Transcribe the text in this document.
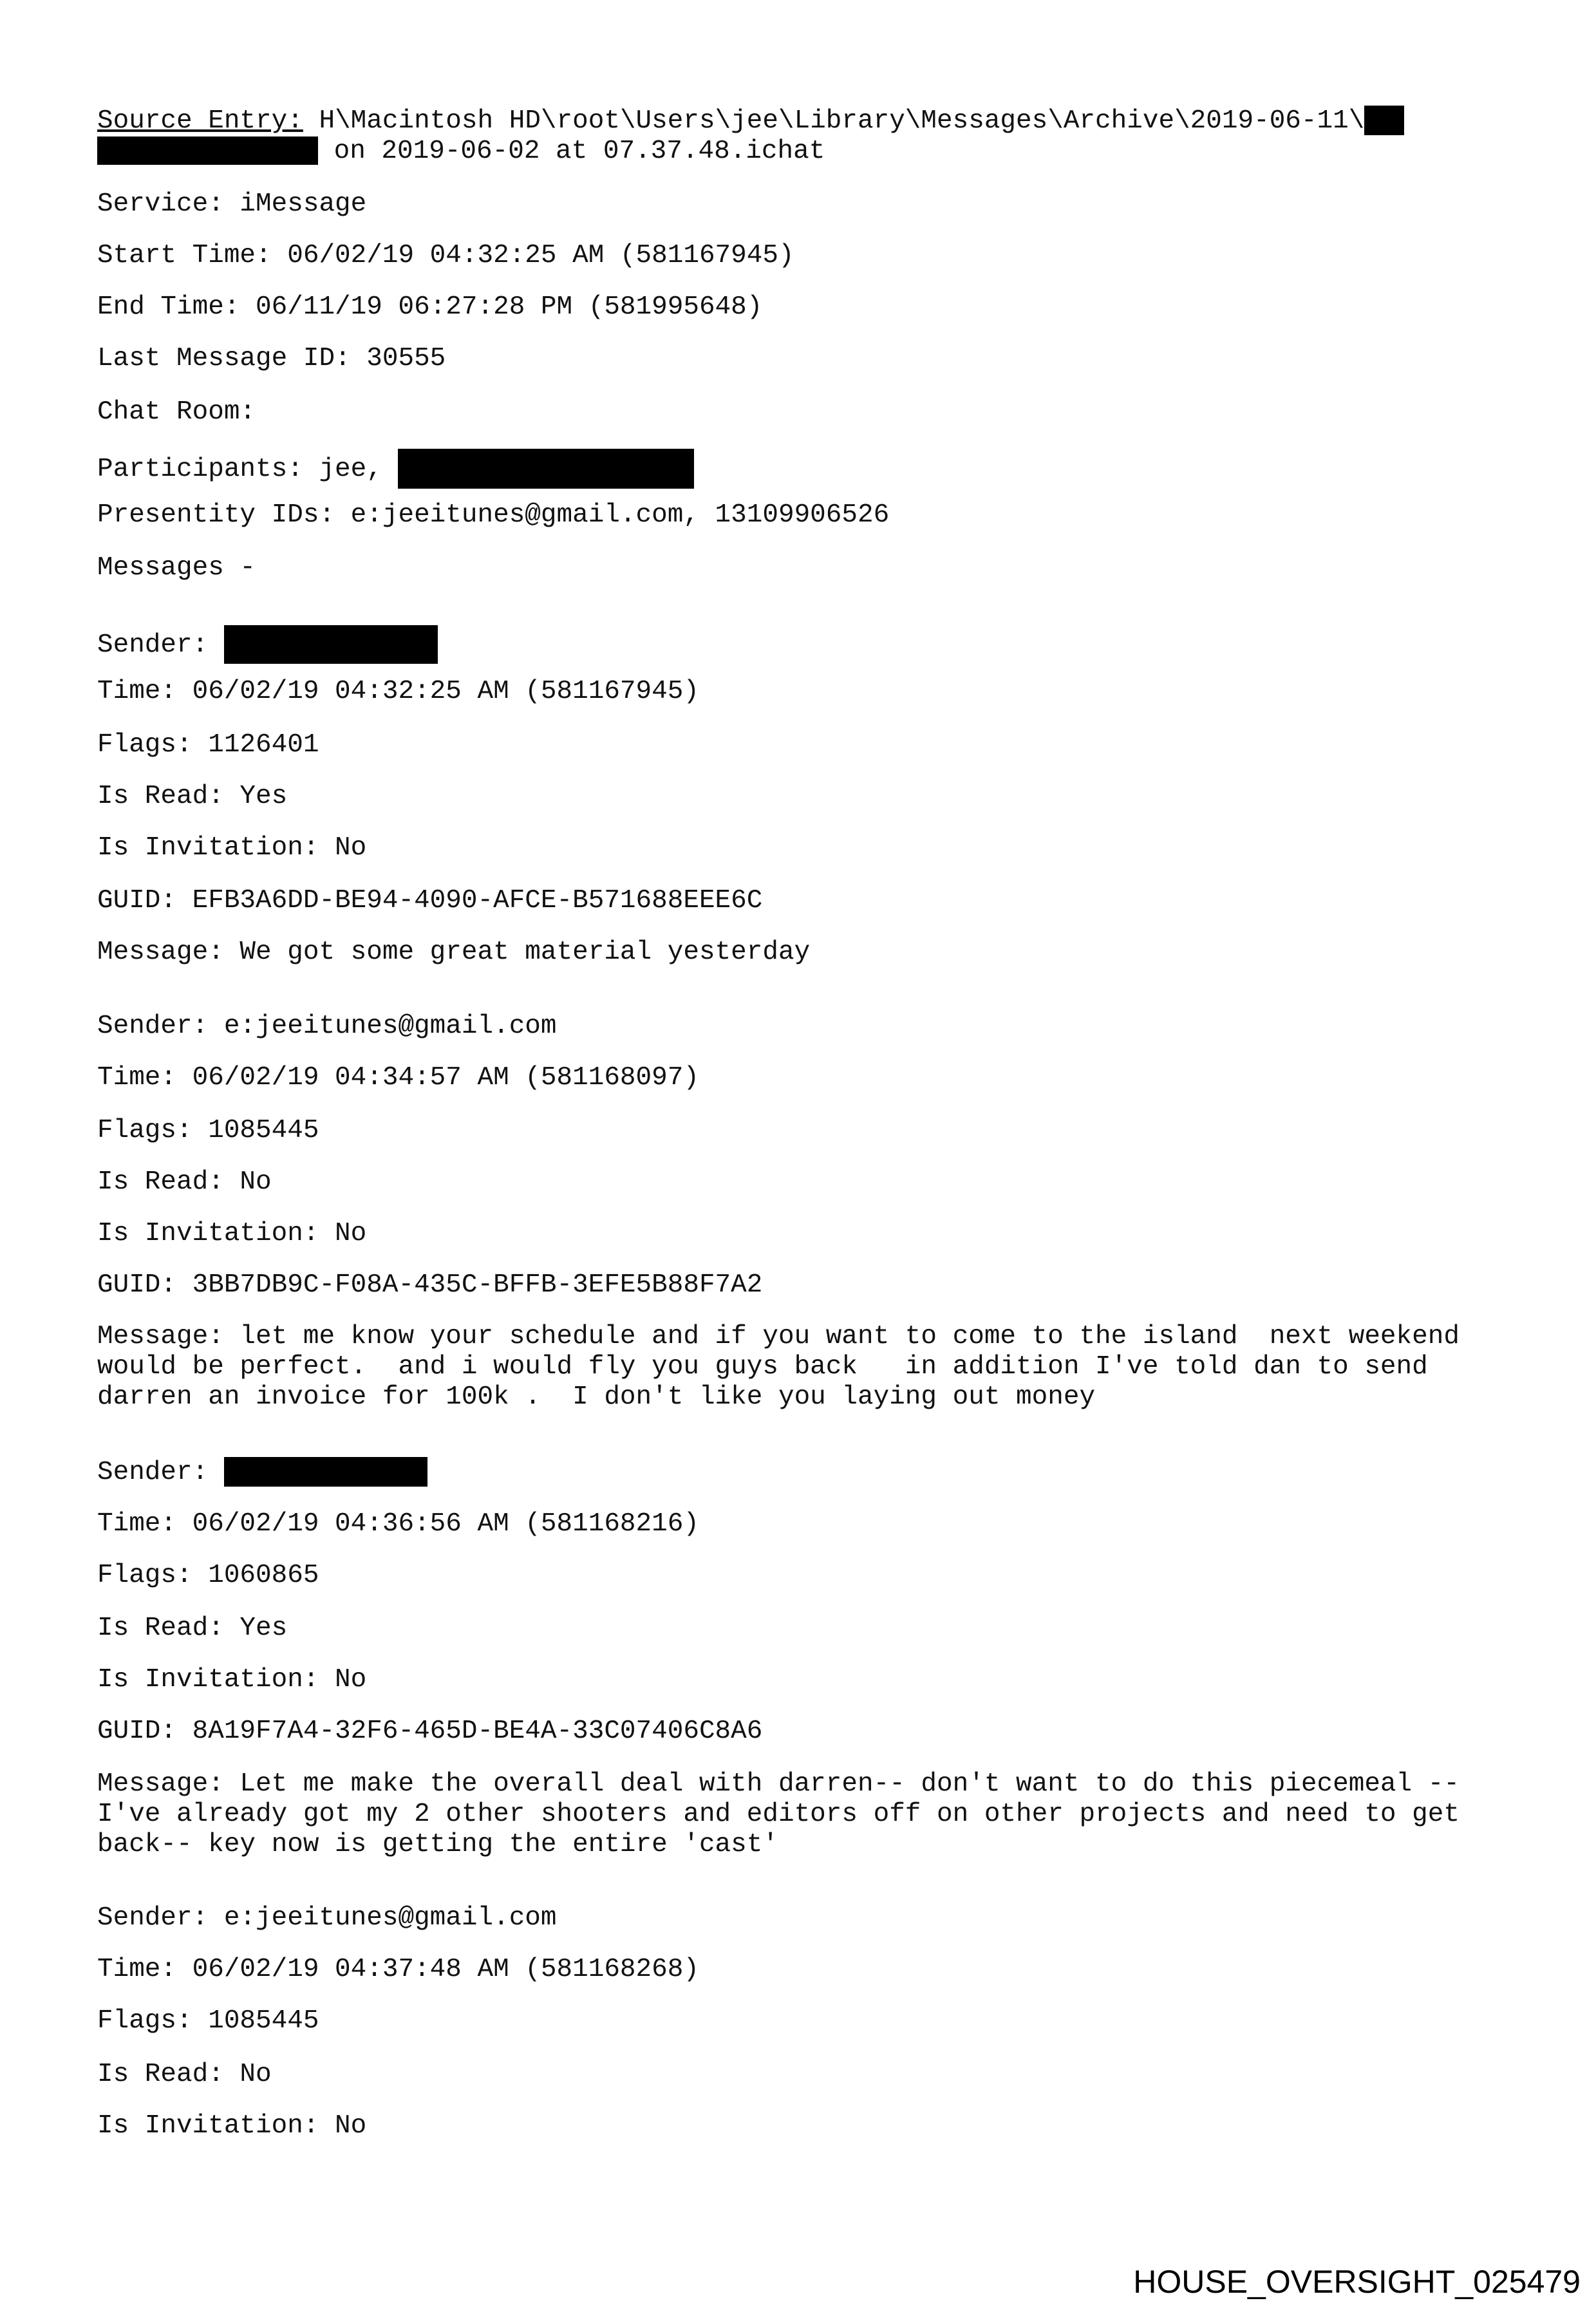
Source Entry: H\Macintosh HD\root\Users\jee\Library\Messages\Archive\2019-06-11\
on 2019-06-02 at 07.37.48.ichat
Service: iMessage
Start Time: 06/02/19 04:32:25 AM (581167945)
End Time: 06/11/19 06:27:28 PM (581995648)
Last Message ID: 30555
Chat Room:
Participants: jee,
Presentity IDs: e:jeeitunes@gmail.com, 13109906526
Messages -
Sender:
Time: 06/02/19 04:32:25 AM (581167945)
Flags: 1126401
Is Read: Yes
Is Invitation: No
GUID: EFB3A6DD-BE94-4090-AFCE-B571688EEE6C
Message: We got some great material yesterday
Sender: e:jeeitunes@gmail.com
Time: 06/02/19 04:34:57 AM (581168097)
Flags: 1085445
Is Read: No
Is Invitation: No
GUID: 3BB7DB9C-F08A-435C-BFFB-3EFE5B88F7A2
Message: let me know your schedule and if you want to come to the island  next weekend
would be perfect.  and i would fly you guys back   in addition I've told dan to send
darren an invoice for 100k .  I don't like you laying out money
Sender:
Time: 06/02/19 04:36:56 AM (581168216)
Flags: 1060865
Is Read: Yes
Is Invitation: No
GUID: 8A19F7A4-32F6-465D-BE4A-33C07406C8A6
Message: Let me make the overall deal with darren-- don't want to do this piecemeal --
I've already got my 2 other shooters and editors off on other projects and need to get
back-- key now is getting the entire 'cast'
Sender: e:jeeitunes@gmail.com
Time: 06/02/19 04:37:48 AM (581168268)
Flags: 1085445
Is Read: No
Is Invitation: No
HOUSE_OVERSIGHT_025479
